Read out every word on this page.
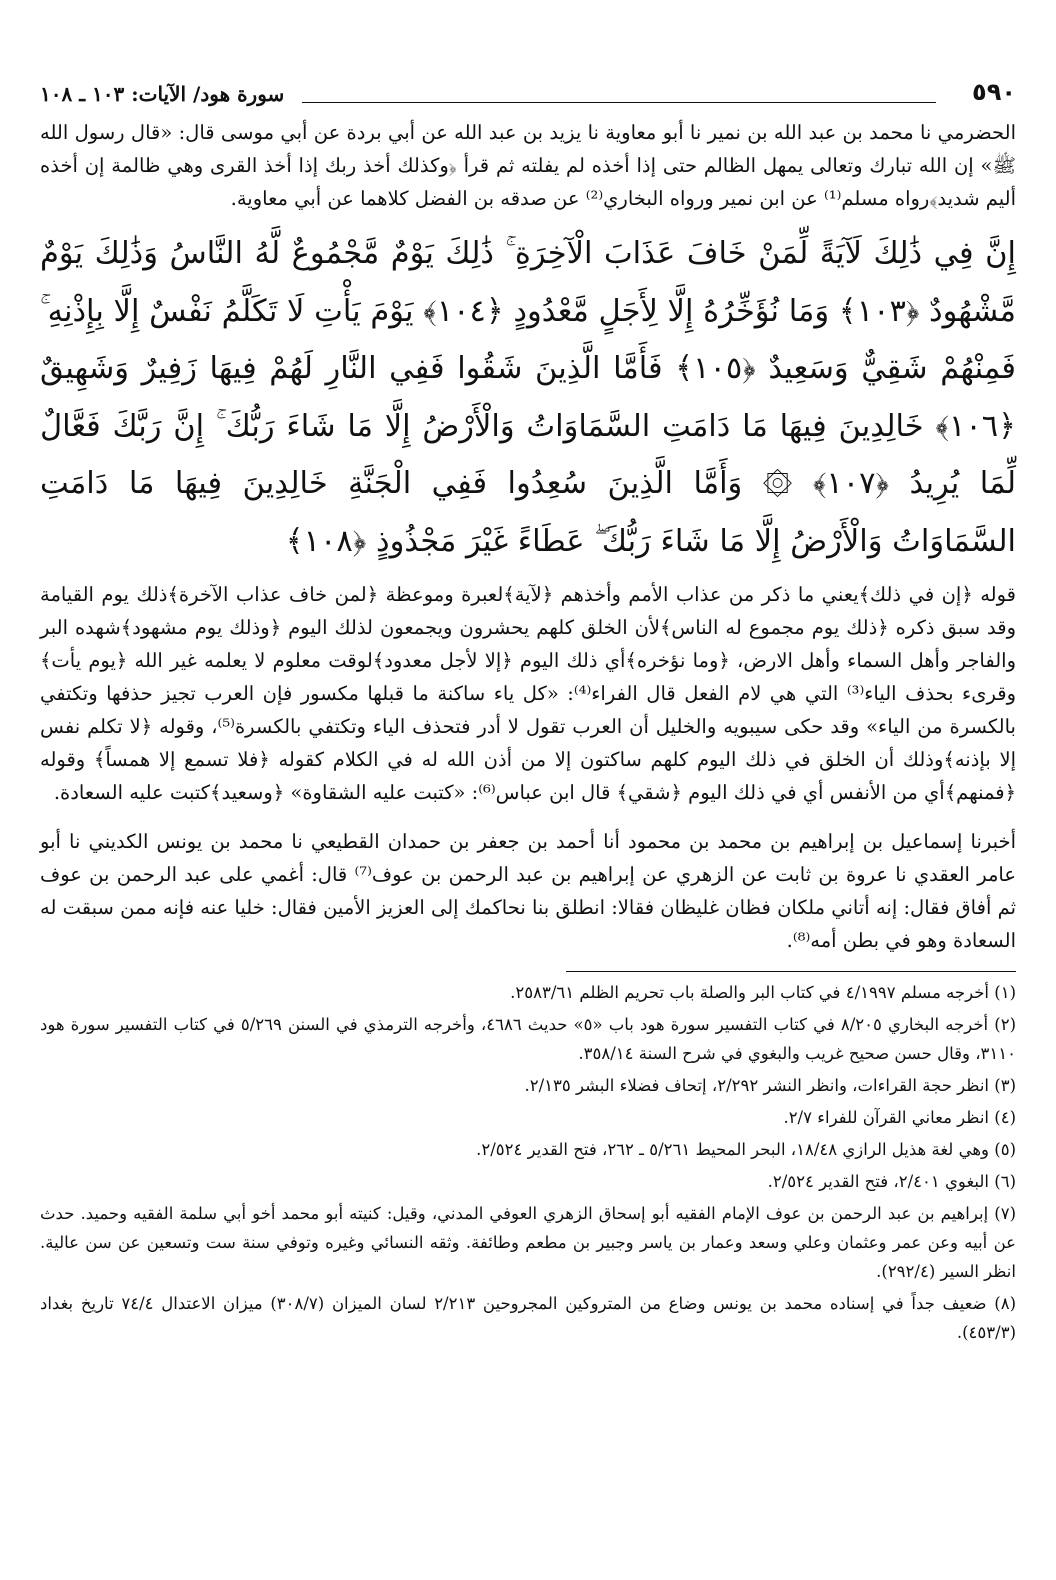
٥٩٠
سورة هود/ الآيات: ١٠٣ ـ ١٠٨

الحضرمي نا محمد بن عبد الله بن نمير نا أبو معاوية نا يزيد بن عبد الله عن أبي بردة عن أبي موسى قال: «قال رسول الله ﷺ» إن الله تبارك وتعالى يمهل الظالم حتى إذا أخذه لم يفلته ثم قرأ ﴿وكذلك أخذ ربك إذا أخذ القرى وهي ظالمة إن أخذه أليم شديد﴾رواه مسلم⁽¹⁾ عن ابن نمير ورواه البخاري⁽²⁾ عن صدقه بن الفضل كلاهما عن أبي معاوية.

إِنَّ فِي ذَٰلِكَ لَآيَةً لِّمَنْ خَافَ عَذَابَ الْآخِرَةِ ۚ ذَٰلِكَ يَوْمٌ مَّجْمُوعٌ لَّهُ النَّاسُ وَذَٰلِكَ يَوْمٌ مَّشْهُودٌ ﴿١٠٣﴾ وَمَا نُؤَخِّرُهُ إِلَّا لِأَجَلٍ مَّعْدُودٍ ﴿١٠٤﴾ يَوْمَ يَأْتِ لَا تَكَلَّمُ نَفْسٌ إِلَّا بِإِذْنِهِ ۚ فَمِنْهُمْ شَقِيٌّ وَسَعِيدٌ ﴿١٠٥﴾ فَأَمَّا الَّذِينَ شَقُوا فَفِي النَّارِ لَهُمْ فِيهَا زَفِيرٌ وَشَهِيقٌ ﴿١٠٦﴾ خَالِدِينَ فِيهَا مَا دَامَتِ السَّمَاوَاتُ وَالْأَرْضُ إِلَّا مَا شَاءَ رَبُّكَ ۚ إِنَّ رَبَّكَ فَعَّالٌ لِّمَا يُرِيدُ ﴿١٠٧﴾ ۞ وَأَمَّا الَّذِينَ سُعِدُوا فَفِي الْجَنَّةِ خَالِدِينَ فِيهَا مَا دَامَتِ السَّمَاوَاتُ وَالْأَرْضُ إِلَّا مَا شَاءَ رَبُّكَ ۖ عَطَاءً غَيْرَ مَجْذُوذٍ ﴿١٠٨﴾

قوله ﴿إن في ذلك﴾يعني ما ذكر من عذاب الأمم وأخذهم ﴿لآية﴾لعبرة وموعظة ﴿لمن خاف عذاب الآخرة﴾ذلك يوم القيامة وقد سبق ذكره ﴿ذلك يوم مجموع له الناس﴾لأن الخلق كلهم يحشرون ويجمعون لذلك اليوم ﴿وذلك يوم مشهود﴾شهده البر والفاجر وأهل السماء وأهل الارض، ﴿وما نؤخره﴾أي ذلك اليوم ﴿إلا لأجل معدود﴾لوقت معلوم لا يعلمه غير الله ﴿يوم يأت﴾وقرىء بحذف الياء⁽³⁾ التي هي لام الفعل قال الفراء⁽⁴⁾: «كل ياء ساكنة ما قبلها مكسور فإن العرب تجيز حذفها وتكتفي بالكسرة من الياء» وقد حكى سيبويه والخليل أن العرب تقول لا أدر فتحذف الياء وتكتفي بالكسرة⁽⁵⁾، وقوله ﴿لا تكلم نفس إلا بإذنه﴾وذلك أن الخلق في ذلك اليوم كلهم ساكتون إلا من أذن الله له في الكلام كقوله ﴿فلا تسمع إلا همساً﴾ وقوله ﴿فمنهم﴾أي من الأنفس أي في ذلك اليوم ﴿شقي﴾ قال ابن عباس⁽⁶⁾: «كتبت عليه الشقاوة» ﴿وسعيد﴾كتبت عليه السعادة.

أخبرنا إسماعيل بن إبراهيم بن محمد بن محمود أنا أحمد بن جعفر بن حمدان القطيعي نا محمد بن يونس الكديني نا أبو عامر العقدي نا عروة بن ثابت عن الزهري عن إبراهيم بن عبد الرحمن بن عوف⁽⁷⁾ قال: أغمي على عبد الرحمن بن عوف ثم أفاق فقال: إنه أتاني ملكان فظان غليظان فقالا: انطلق بنا نحاكمك إلى العزيز الأمين فقال: خليا عنه فإنه ممن سبقت له السعادة وهو في بطن أمه⁽⁸⁾.

(١) أخرجه مسلم ٤/١٩٩٧ في كتاب البر والصلة باب تحريم الظلم ٢٥٨٣/٦١.

(٢) أخرجه البخاري ٨/٢٠٥ في كتاب التفسير سورة هود باب «٥» حديث ٤٦٨٦، وأخرجه الترمذي في السنن ٥/٢٦٩ في كتاب التفسير سورة هود ٣١١٠، وقال حسن صحيح غريب والبغوي في شرح السنة ٣٥٨/١٤.

(٣) انظر حجة القراءات، وانظر النشر ٢/٢٩٢، إتحاف فضلاء البشر ٢/١٣٥.

(٤) انظر معاني القرآن للفراء ٢/٧.

(٥) وهي لغة هذيل الرازي ١٨/٤٨، البحر المحيط ٥/٢٦١ ـ ٢٦٢، فتح القدير ٢/٥٢٤.

(٦) البغوي ٢/٤٠١، فتح القدير ٢/٥٢٤.

(٧) إبراهيم بن عبد الرحمن بن عوف الإمام الفقيه أبو إسحاق الزهري العوفي المدني، وقيل: كنيته أبو محمد أخو أبي سلمة الفقيه وحميد. حدث عن أبيه وعن عمر وعثمان وعلي وسعد وعمار بن ياسر وجبير بن مطعم وطائفة. وثقه النسائي وغيره وتوفي سنة ست وتسعين عن سن عالية. انظر السير (٢٩٢/٤).

(٨) ضعيف جداً في إسناده محمد بن يونس وضاع من المتروكين المجروحين ٢/٢١٣ لسان الميزان (٣٠٨/٧) ميزان الاعتدال ٧٤/٤ تاريخ بغداد (٤٥٣/٣).
